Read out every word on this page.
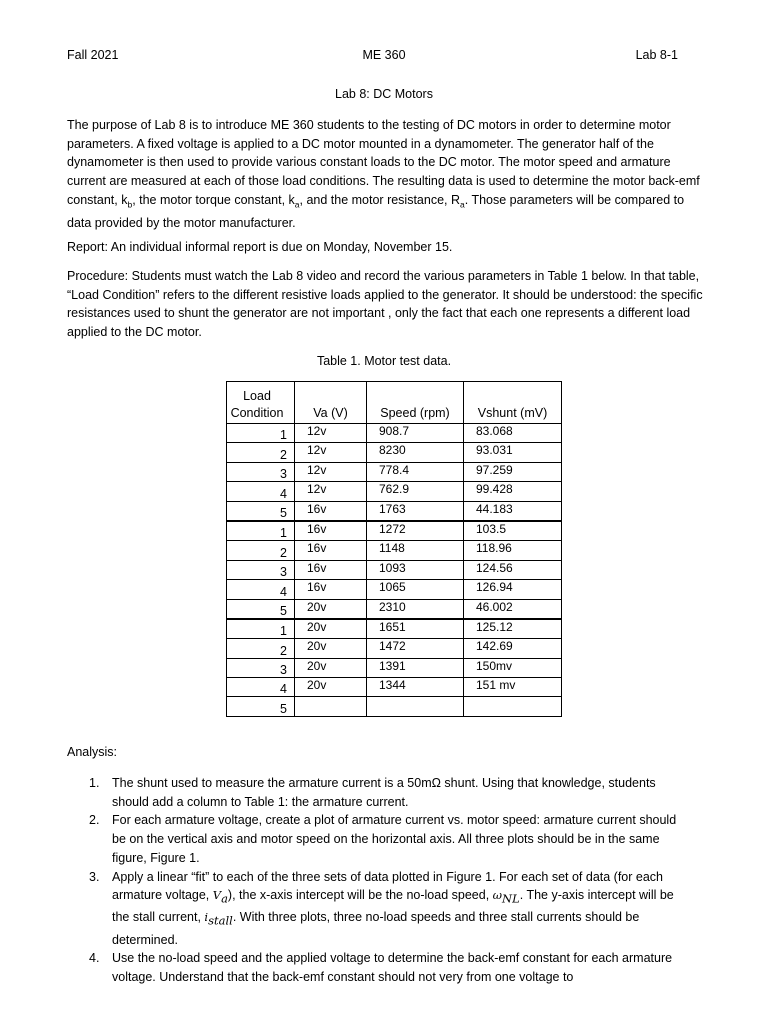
Fall 2021	ME 360	Lab 8-1
Lab 8: DC Motors

The purpose of Lab 8 is to introduce ME 360 students to the testing of DC motors in order to determine motor parameters. A fixed voltage is applied to a DC motor mounted in a dynamometer. The generator half of the dynamometer is then used to provide various constant loads to the DC motor. The motor speed and armature current are measured at each of those load conditions. The resulting data is used to determine the motor back-emf constant, $k_b$, the motor torque constant, $k_a$, and the motor resistance, $R_a$. Those parameters will be compared to data provided by the motor manufacturer.

Report: An individual informal report is due on Monday, November 15.

Procedure: Students must watch the Lab 8 video and record the various parameters in Table 1 below. In that table, “Load Condition” refers to the different resistive loads applied to the generator. It should be understood: the specific resistances used to shunt the generator are not important , only the fact that each one represents a different load applied to the DC motor.

Table 1. Motor test data.
Load
Condition	Va (V)	Speed (rpm)	Vshunt (mV)
1	12v	908.7	83.068
2	12v	8230	93.031
3	12v	778.4	97.259
4	12v	762.9	99.428
5	16v	1763	44.183
1	16v	1272	103.5
2	16v	1148	118.96
3	16v	1093	124.56
4	16v	1065	126.94
5	20v	2310	46.002
1	20v	1651	125.12
2	20v	1472	142.69
3	20v	1391	150mv
4	20v	1344	151 mv
5			
Analysis:
1. The shunt used to measure the armature current is a 50mΩ shunt. Using that knowledge, students should add a column to Table 1: the armature current.
2. For each armature voltage, create a plot of armature current vs. motor speed: armature current should be on the vertical axis and motor speed on the horizontal axis. All three plots should be in the same figure, Figure 1.
3. Apply a linear “fit” to each of the three sets of data plotted in Figure 1. For each set of data (for each armature voltage, $V_a$), the x-axis intercept will be the no-load speed, $\omega_{NL}$. The y-axis intercept will be the stall current, $i_{stall}$. With three plots, three no-load speeds and three stall currents should be determined.
4. Use the no-load speed and the applied voltage to determine the back-emf constant for each armature voltage. Understand that the back-emf constant should not very from one voltage to
